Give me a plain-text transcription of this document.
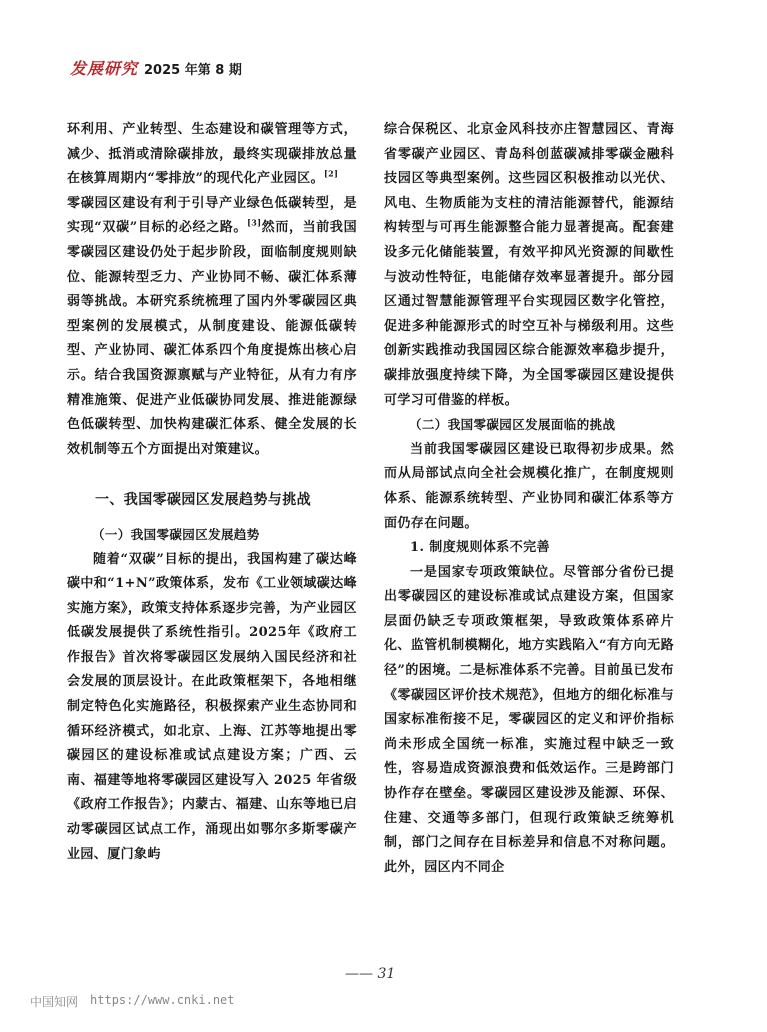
发展研究 2025 年第 8 期

环利用、产业转型、生态建设和碳管理等方式，减少、抵消或清除碳排放，最终实现碳排放总量在核算周期内“零排放”的现代化产业园区。[2]

零碳园区建设有利于引导产业绿色低碳转型，是实现“双碳”目标的必经之路。[3]然而，当前我国零碳园区建设仍处于起步阶段，面临制度规则缺位、能源转型乏力、产业协同不畅、碳汇体系薄弱等挑战。本研究系统梳理了国内外零碳园区典型案例的发展模式，从制度建设、能源低碳转型、产业协同、碳汇体系四个角度提炼出核心启示。结合我国资源禀赋与产业特征，从有力有序精准施策、促进产业低碳协同发展、推进能源绿色低碳转型、加快构建碳汇体系、健全发展的长效机制等五个方面提出对策建议。

一、我国零碳园区发展趋势与挑战
（一）我国零碳园区发展趋势

随着“双碳”目标的提出，我国构建了碳达峰碳中和“1+N”政策体系，发布《工业领域碳达峰实施方案》，政策支持体系逐步完善，为产业园区低碳发展提供了系统性指引。2025年《政府工作报告》首次将零碳园区发展纳入国民经济和社会发展的顶层设计。在此政策框架下，各地相继制定特色化实施路径，积极探索产业生态协同和循环经济模式，如北京、上海、江苏等地提出零碳园区的建设标准或试点建设方案；广西、云南、福建等地将零碳园区建设写入 2025 年省级《政府工作报告》；内蒙古、福建、山东等地已启动零碳园区试点工作，涌现出如鄂尔多斯零碳产业园、厦门象屿

综合保税区、北京金风科技亦庄智慧园区、青海省零碳产业园区、青岛科创蓝碳减排零碳金融科技园区等典型案例。这些园区积极推动以光伏、风电、生物质能为支柱的清洁能源替代，能源结构转型与可再生能源整合能力显著提高。配套建设多元化储能装置，有效平抑风光资源的间歇性与波动性特征，电能储存效率显著提升。部分园区通过智慧能源管理平台实现园区数字化管控，促进多种能源形式的时空互补与梯级利用。这些创新实践推动我国园区综合能源效率稳步提升，碳排放强度持续下降，为全国零碳园区建设提供可学习可借鉴的样板。

（二）我国零碳园区发展面临的挑战

当前我国零碳园区建设已取得初步成果。然而从局部试点向全社会规模化推广，在制度规则体系、能源系统转型、产业协同和碳汇体系等方面仍存在问题。

1. 制度规则体系不完善

一是国家专项政策缺位。尽管部分省份已提出零碳园区的建设标准或试点建设方案，但国家层面仍缺乏专项政策框架，导致政策体系碎片化、监管机制模糊化，地方实践陷入“有方向无路径”的困境。二是标准体系不完善。目前虽已发布《零碳园区评价技术规范》，但地方的细化标准与国家标准衔接不足，零碳园区的定义和评价指标尚未形成全国统一标准，实施过程中缺乏一致性，容易造成资源浪费和低效运作。三是跨部门协作存在壁垒。零碳园区建设涉及能源、环保、住建、交通等多部门，但现行政策缺乏统筹机制，部门之间存在目标差异和信息不对称问题。此外，园区内不同企

—— 31
中国知网 https://www.cnki.net
